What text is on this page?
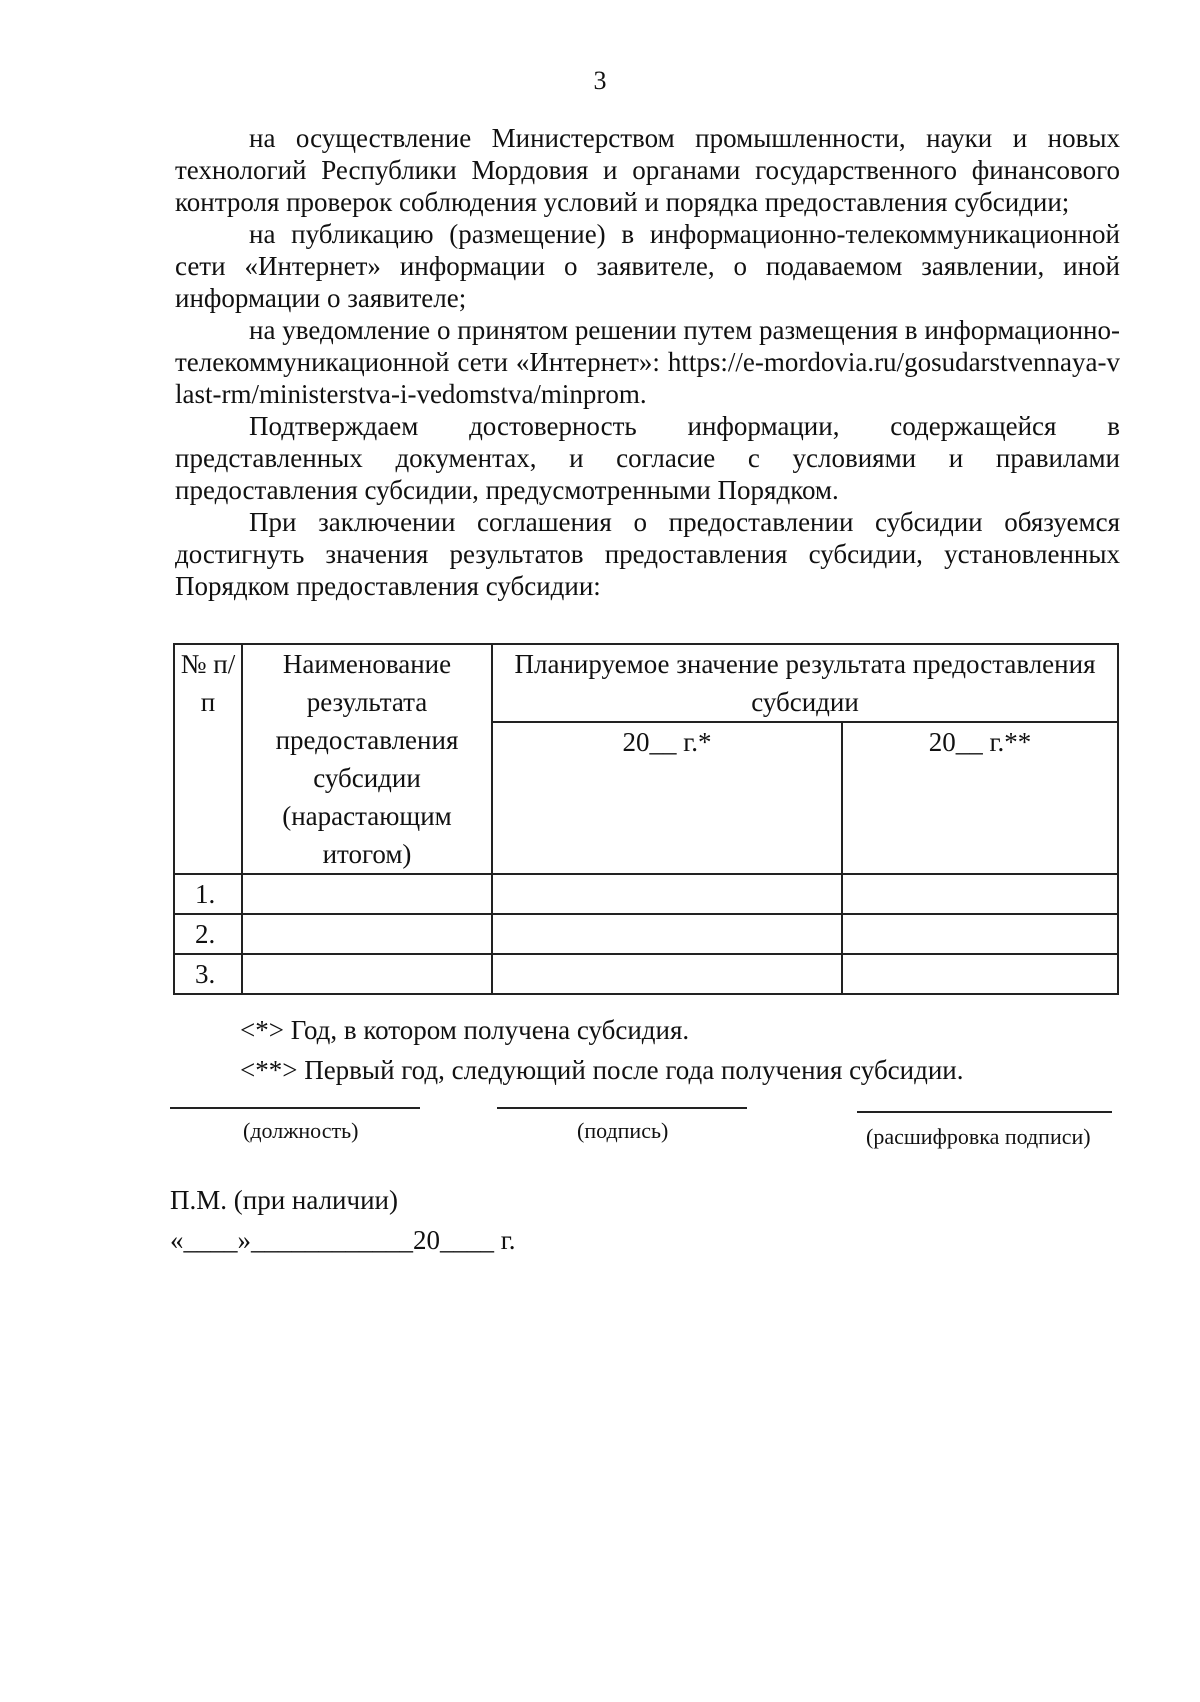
3

на осуществление Министерством промышленности, науки и новых технологий Республики Мордовия и органами государственного финансового контроля проверок соблюдения условий и порядка предоставления субсидии;

на публикацию (размещение) в информационно-телекоммуникационной сети «Интернет» информации о заявителе, о подаваемом заявлении, иной информации о заявителе;

на уведомление о принятом решении путем размещения в информационно-телекоммуникационной сети «Интернет»: https://e-mordovia.ru/gosudarstvennaya-vlast-rm/ministerstva-i-vedomstva/minprom.

Подтверждаем достоверность информации, содержащейся в представленных документах, и согласие с условиями и правилами предоставления субсидии, предусмотренными Порядком.

При заключении соглашения о предоставлении субсидии обязуемся достигнуть значения результатов предоставления субсидии, установленных Порядком предоставления субсидии:

№ п/п	Наименование результата предоставления субсидии (нарастающим итогом)	Планируемое значение результата предоставления субсидии	
		20__ г.*	20__ г.**
1.			
2.			
3.			

<*> Год, в котором получена субсидия.

<**> Первый год, следующий после года получения субсидии.

(должность)	(подпись)	(расшифровка подписи)

П.М. (при наличии)

«____»____________20____ г.
